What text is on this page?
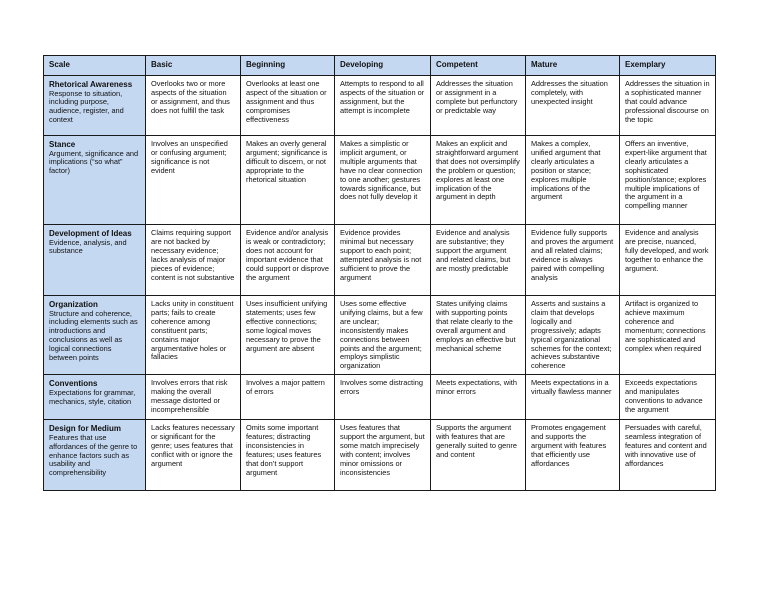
Scale	Basic	Beginning	Developing	Competent	Mature	Exemplary

Rhetorical Awareness
Response to situation, including purpose, audience, register, and context	Overlooks two or more aspects of the situation or assignment, and thus does not fulfill the task	Overlooks at least one aspect of the situation or assignment and thus compromises effectiveness	Attempts to respond to all aspects of the situation or assignment, but the attempt is incomplete	Addresses the situation or assignment in a complete but perfunctory or predictable way	Addresses the situation completely, with unexpected insight	Addresses the situation in a sophisticated manner that could advance professional discourse on the topic

Stance
Argument, significance and implications (“so what” factor)	Involves an unspecified or confusing argument; significance is not evident	Makes an overly general argument; significance is difficult to discern, or not appropriate to the rhetorical situation	Makes a simplistic or implicit argument, or multiple arguments that have no clear connection to one another; gestures towards significance, but does not fully develop it	Makes an explicit and straightforward argument that does not oversimplify the problem or question; explores at least one implication of the argument in depth	Makes a complex, unified argument that clearly articulates a position or stance; explores multiple implications of the argument	Offers an inventive, expert-like argument that clearly articulates a sophisticated position/stance; explores multiple implications of the argument in a compelling manner

Development of Ideas
Evidence, analysis, and substance	Claims requiring support are not backed by necessary evidence; lacks analysis of major pieces of evidence; content is not substantive	Evidence and/or analysis is weak or contradictory; does not account for important evidence that could support or disprove the argument	Evidence provides minimal but necessary support to each point; attempted analysis is not sufficient to prove the argument	Evidence and analysis are substantive; they support the argument and related claims, but are mostly predictable	Evidence fully supports and proves the argument and all related claims; evidence is always paired with compelling analysis	Evidence and analysis are precise, nuanced, fully developed, and work together to enhance the argument.

Organization
Structure and coherence, including elements such as introductions and conclusions as well as logical connections between points	Lacks unity in constituent parts; fails to create coherence among constituent parts; contains major argumentative holes or fallacies	Uses insufficient unifying statements; uses few effective connections; some logical moves necessary to prove the argument are absent	Uses some effective unifying claims, but a few are unclear; inconsistently makes connections between points and the argument; employs simplistic organization	States unifying claims with supporting points that relate clearly to the overall argument and employs an effective but mechanical scheme	Asserts and sustains a claim that develops logically and progressively; adapts typical organizational schemes for the context; achieves substantive coherence	Artifact is organized to achieve maximum coherence and momentum; connections are sophisticated and complex when required

Conventions
Expectations for grammar, mechanics, style, citation	Involves errors that risk making the overall message distorted or incomprehensible	Involves a major pattern of errors	Involves some distracting errors	Meets expectations, with minor errors	Meets expectations in a virtually flawless manner	Exceeds expectations and manipulates conventions to advance the argument

Design for Medium
Features that use affordances of the genre to enhance factors such as usability and comprehensibility	Lacks features necessary or significant for the genre; uses features that conflict with or ignore the argument	Omits some important features; distracting inconsistencies in features; uses features that don’t support argument	Uses features that support the argument, but some match imprecisely with content; involves minor omissions or inconsistencies	Supports the argument with features that are generally suited to genre and content	Promotes engagement and supports the argument with features that efficiently use affordances	Persuades with careful, seamless integration of features and content and with innovative use of affordances
